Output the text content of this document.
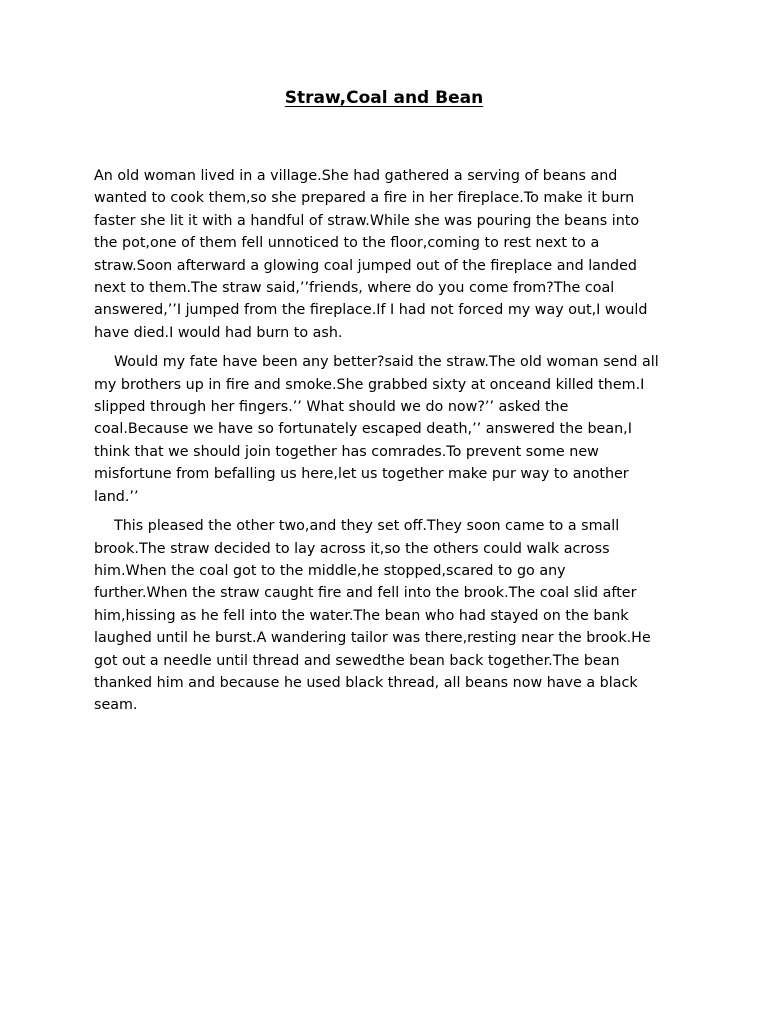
Straw,Coal and Bean

An old woman lived in a village.She had gathered a serving of beans and
wanted to cook them,so she prepared a fire in her fireplace.To make it burn
faster she lit it with a handful of straw.While she was pouring the beans into
the pot,one of them fell unnoticed to the floor,coming to rest next to a
straw.Soon afterward a glowing coal jumped out of the fireplace and landed
next to them.The straw said,’’friends, where do you come from?The coal
answered,’’I jumped from the fireplace.If I had not forced my way out,I would
have died.I would had burn to ash.

Would my fate have been any better?said the straw.The old woman send all
my brothers up in fire and smoke.She grabbed sixty at onceand killed them.I
slipped through her fingers.’’ What should we do now?’’ asked the
coal.Because we have so fortunately escaped death,’’ answered the bean,I
think that we should join together has comrades.To prevent some new
misfortune from befalling us here,let us together make pur way to another
land.’’

This pleased the other two,and they set off.They soon came to a small
brook.The straw decided to lay across it,so the others could walk across
him.When the coal got to the middle,he stopped,scared to go any
further.When the straw caught fire and fell into the brook.The coal slid after
him,hissing as he fell into the water.The bean who had stayed on the bank
laughed until he burst.A wandering tailor was there,resting near the brook.He
got out a needle until thread and sewedthe bean back together.The bean
thanked him and because he used black thread, all beans now have a black
seam.
